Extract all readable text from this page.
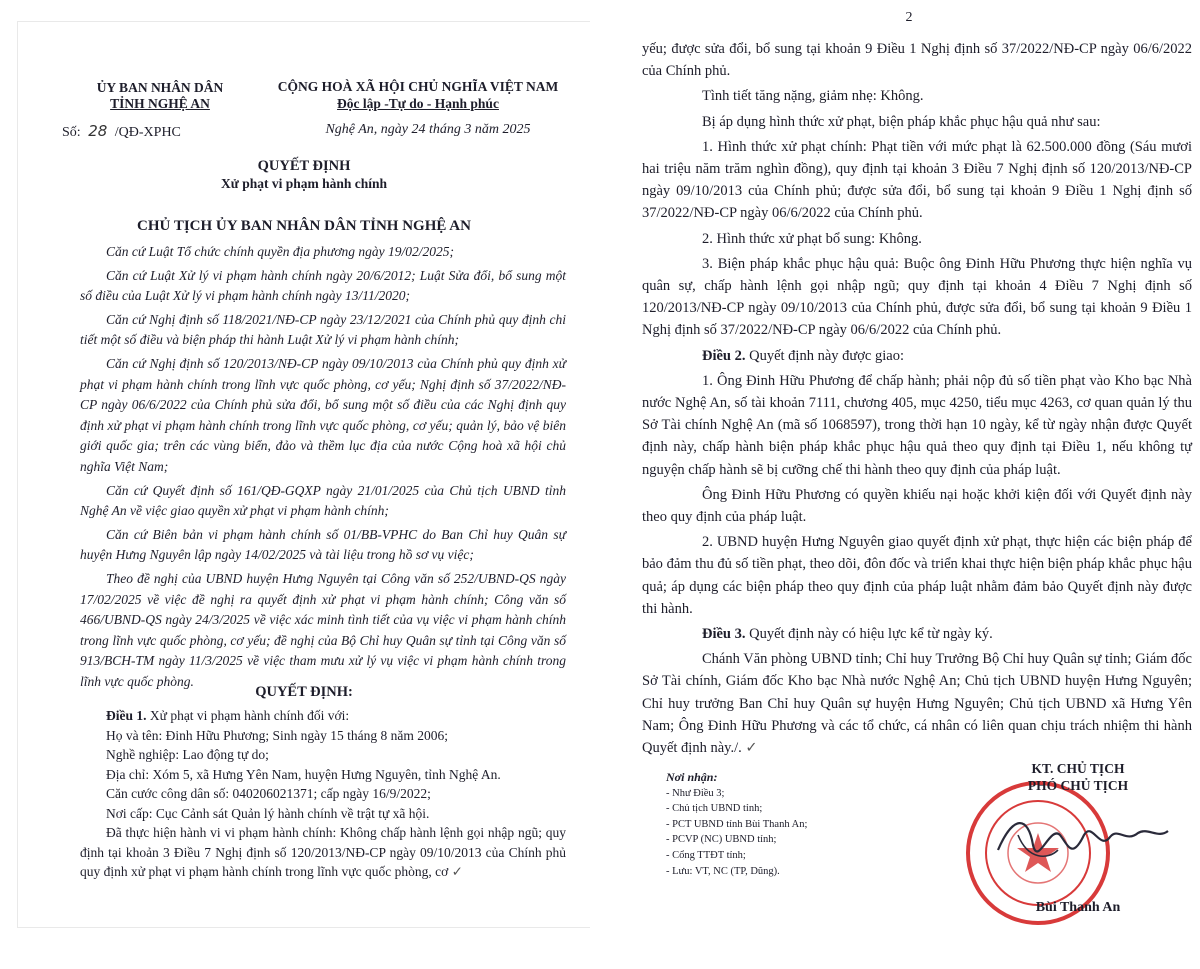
ỦY BAN NHÂN DÂN
TỈNH NGHỆ AN
CỘNG HOÀ XÃ HỘI CHỦ NGHĨA VIỆT NAM
Độc lập -Tự do - Hạnh phúc
Số: 28 /QĐ-XPHC	Nghệ An, ngày 24 tháng 3 năm 2025
QUYẾT ĐỊNH
Xử phạt vi phạm hành chính
CHỦ TỊCH ỦY BAN NHÂN DÂN TỈNH NGHỆ AN

Căn cứ Luật Tổ chức chính quyền địa phương ngày 19/02/2025;

Căn cứ Luật Xử lý vi phạm hành chính ngày 20/6/2012; Luật Sửa đổi, bổ sung một số điều của Luật Xử lý vi phạm hành chính ngày 13/11/2020;

Căn cứ Nghị định số 118/2021/NĐ-CP ngày 23/12/2021 của Chính phủ quy định chi tiết một số điều và biện pháp thi hành Luật Xử lý vi phạm hành chính;

Căn cứ Nghị định số 120/2013/NĐ-CP ngày 09/10/2013 của Chính phủ quy định xử phạt vi phạm hành chính trong lĩnh vực quốc phòng, cơ yếu; Nghị định số 37/2022/NĐ-CP ngày 06/6/2022 của Chính phủ sửa đổi, bổ sung một số điều của các Nghị định quy định xử phạt vi phạm hành chính trong lĩnh vực quốc phòng, cơ yếu; quản lý, bảo vệ biên giới quốc gia; trên các vùng biển, đảo và thềm lục địa của nước Cộng hoà xã hội chủ nghĩa Việt Nam;

Căn cứ Quyết định số 161/QĐ-GQXP ngày 21/01/2025 của Chủ tịch UBND tỉnh Nghệ An về việc giao quyền xử phạt vi phạm hành chính;

Căn cứ Biên bản vi phạm hành chính số 01/BB-VPHC do Ban Chỉ huy Quân sự huyện Hưng Nguyên lập ngày 14/02/2025 và tài liệu trong hồ sơ vụ việc;

Theo đề nghị của UBND huyện Hưng Nguyên tại Công văn số 252/UBND-QS ngày 17/02/2025 về việc đề nghị ra quyết định xử phạt vi phạm hành chính; Công văn số 466/UBND-QS ngày 24/3/2025 về việc xác minh tình tiết của vụ việc vi phạm hành chính trong lĩnh vực quốc phòng, cơ yếu; đề nghị của Bộ Chỉ huy Quân sự tỉnh tại Công văn số 913/BCH-TM ngày 11/3/2025 về việc tham mưu xử lý vụ việc vi phạm hành chính trong lĩnh vực quốc phòng.

QUYẾT ĐỊNH:

Điều 1. Xử phạt vi phạm hành chính đối với:

Họ và tên: Đinh Hữu Phương; Sinh ngày 15 tháng 8 năm 2006;

Nghề nghiệp: Lao động tự do;

Địa chỉ: Xóm 5, xã Hưng Yên Nam, huyện Hưng Nguyên, tỉnh Nghệ An.

Căn cước công dân số: 040206021371; cấp ngày 16/9/2022;

Nơi cấp: Cục Cảnh sát Quản lý hành chính về trật tự xã hội.

Đã thực hiện hành vi vi phạm hành chính: Không chấp hành lệnh gọi nhập ngũ; quy định tại khoản 3 Điều 7 Nghị định số 120/2013/NĐ-CP ngày 09/10/2013 của Chính phủ quy định xử phạt vi phạm hành chính trong lĩnh vực quốc phòng, cơ ✓

2

yếu; được sửa đổi, bổ sung tại khoản 9 Điều 1 Nghị định số 37/2022/NĐ-CP ngày 06/6/2022 của Chính phủ.

Tình tiết tăng nặng, giảm nhẹ: Không.

Bị áp dụng hình thức xử phạt, biện pháp khắc phục hậu quả như sau:

1. Hình thức xử phạt chính: Phạt tiền với mức phạt là 62.500.000 đồng (Sáu mươi hai triệu năm trăm nghìn đồng), quy định tại khoản 3 Điều 7 Nghị định số 120/2013/NĐ-CP ngày 09/10/2013 của Chính phủ; được sửa đổi, bổ sung tại khoản 9 Điều 1 Nghị định số 37/2022/NĐ-CP ngày 06/6/2022 của Chính phủ.

2. Hình thức xử phạt bổ sung: Không.

3. Biện pháp khắc phục hậu quả: Buộc ông Đinh Hữu Phương thực hiện nghĩa vụ quân sự, chấp hành lệnh gọi nhập ngũ; quy định tại khoản 4 Điều 7 Nghị định số 120/2013/NĐ-CP ngày 09/10/2013 của Chính phủ, được sửa đổi, bổ sung tại khoản 9 Điều 1 Nghị định số 37/2022/NĐ-CP ngày 06/6/2022 của Chính phủ.

Điều 2. Quyết định này được giao:

1. Ông Đinh Hữu Phương để chấp hành; phải nộp đủ số tiền phạt vào Kho bạc Nhà nước Nghệ An, số tài khoản 7111, chương 405, mục 4250, tiểu mục 4263, cơ quan quản lý thu Sở Tài chính Nghệ An (mã số 1068597), trong thời hạn 10 ngày, kể từ ngày nhận được Quyết định này, chấp hành biện pháp khắc phục hậu quả theo quy định tại Điều 1, nếu không tự nguyện chấp hành sẽ bị cưỡng chế thi hành theo quy định của pháp luật.

Ông Đinh Hữu Phương có quyền khiếu nại hoặc khởi kiện đối với Quyết định này theo quy định của pháp luật.

2. UBND huyện Hưng Nguyên giao quyết định xử phạt, thực hiện các biện pháp để bảo đảm thu đủ số tiền phạt, theo dõi, đôn đốc và triển khai thực hiện biện pháp khắc phục hậu quả; áp dụng các biện pháp theo quy định của pháp luật nhằm đảm bảo Quyết định này được thi hành.

Điều 3. Quyết định này có hiệu lực kể từ ngày ký.

Chánh Văn phòng UBND tỉnh; Chỉ huy Trưởng Bộ Chỉ huy Quân sự tỉnh; Giám đốc Sở Tài chính, Giám đốc Kho bạc Nhà nước Nghệ An; Chủ tịch UBND huyện Hưng Nguyên; Chỉ huy trưởng Ban Chỉ huy Quân sự huyện Hưng Nguyên; Chủ tịch UBND xã Hưng Yên Nam; Ông Đinh Hữu Phương và các tổ chức, cá nhân có liên quan chịu trách nhiệm thi hành Quyết định này./. ✓

Nơi nhận:
- Như Điều 3;
- Chủ tịch UBND tỉnh;
- PCT UBND tỉnh Bùi Thanh An;
- PCVP (NC) UBND tỉnh;
- Cổng TTĐT tỉnh;
- Lưu: VT, NC (TP, Dũng).
KT. CHỦ TỊCH
PHÓ CHỦ TỊCH
Bùi Thanh An
